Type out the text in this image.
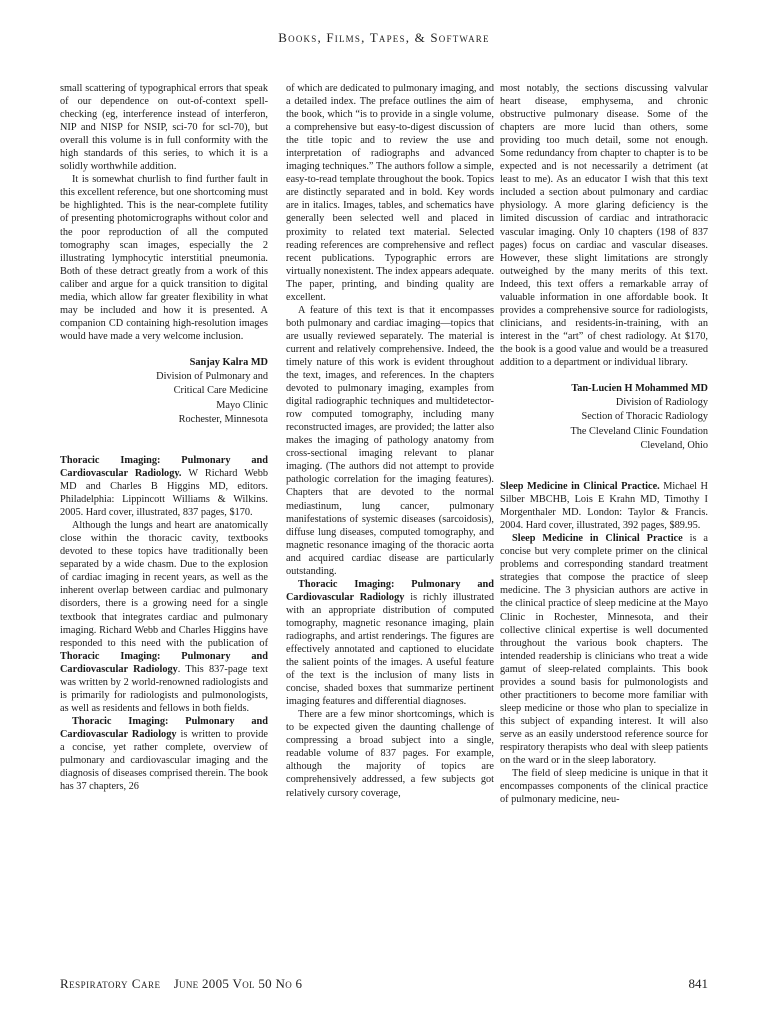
Books, Films, Tapes, & Software

small scattering of typographical errors that speak of our dependence on out-of-context spell-checking (eg, interference instead of interferon, NIP and NISP for NSIP, sci-70 for scl-70), but overall this volume is in full conformity with the high standards of this series, to which it is a solidly worthwhile addition.

It is somewhat churlish to find further fault in this excellent reference, but one shortcoming must be highlighted. This is the near-complete futility of presenting photomicrographs without color and the poor reproduction of all the computed tomography scan images, especially the 2 illustrating lymphocytic interstitial pneumonia. Both of these detract greatly from a work of this caliber and argue for a quick transition to digital media, which allow far greater flexibility in what may be included and how it is presented. A companion CD containing high-resolution images would have made a very welcome inclusion.

Sanjay Kalra MD
Division of Pulmonary and
Critical Care Medicine
Mayo Clinic
Rochester, Minnesota

Thoracic Imaging: Pulmonary and Cardiovascular Radiology. W Richard Webb MD and Charles B Higgins MD, editors. Philadelphia: Lippincott Williams & Wilkins. 2005. Hard cover, illustrated, 837 pages, $170.

Although the lungs and heart are anatomically close within the thoracic cavity, textbooks devoted to these topics have traditionally been separated by a wide chasm. Due to the explosion of cardiac imaging in recent years, as well as the inherent overlap between cardiac and pulmonary disorders, there is a growing need for a single textbook that integrates cardiac and pulmonary imaging. Richard Webb and Charles Higgins have responded to this need with the publication of Thoracic Imaging: Pulmonary and Cardiovascular Radiology. This 837-page text was written by 2 world-renowned radiologists and is primarily for radiologists and pulmonologists, as well as residents and fellows in both fields.

Thoracic Imaging: Pulmonary and Cardiovascular Radiology is written to provide a concise, yet rather complete, overview of pulmonary and cardiovascular imaging and the diagnosis of diseases comprised therein. The book has 37 chapters, 26

of which are dedicated to pulmonary imaging, and a detailed index. The preface outlines the aim of the book, which “is to provide in a single volume, a comprehensive but easy-to-digest discussion of the title topic and to review the use and interpretation of radiographs and advanced imaging techniques.” The authors follow a simple, easy-to-read template throughout the book. Topics are distinctly separated and in bold. Key words are in italics. Images, tables, and schematics have generally been selected well and placed in proximity to related text material. Selected reading references are comprehensive and reflect recent publications. Typographic errors are virtually nonexistent. The index appears adequate. The paper, printing, and binding quality are excellent.

A feature of this text is that it encompasses both pulmonary and cardiac imaging—topics that are usually reviewed separately. The material is current and relatively comprehensive. Indeed, the timely nature of this work is evident throughout the text, images, and references. In the chapters devoted to pulmonary imaging, examples from digital radiographic techniques and multidetector-row computed tomography, including many reconstructed images, are provided; the latter also makes the imaging of pathology anatomy from cross-sectional imaging relevant to planar imaging. (The authors did not attempt to provide pathologic correlation for the imaging features). Chapters that are devoted to the normal mediastinum, lung cancer, pulmonary manifestations of systemic diseases (sarcoidosis), diffuse lung diseases, computed tomography, and magnetic resonance imaging of the thoracic aorta and acquired cardiac disease are particularly outstanding.

Thoracic Imaging: Pulmonary and Cardiovascular Radiology is richly illustrated with an appropriate distribution of computed tomography, magnetic resonance imaging, plain radiographs, and artist renderings. The figures are effectively annotated and captioned to elucidate the salient points of the images. A useful feature of the text is the inclusion of many lists in concise, shaded boxes that summarize pertinent imaging features and differential diagnoses.

There are a few minor shortcomings, which is to be expected given the daunting challenge of compressing a broad subject into a single, readable volume of 837 pages. For example, although the majority of topics are comprehensively addressed, a few subjects got relatively cursory coverage,

most notably, the sections discussing valvular heart disease, emphysema, and chronic obstructive pulmonary disease. Some of the chapters are more lucid than others, some providing too much detail, some not enough. Some redundancy from chapter to chapter is to be expected and is not necessarily a detriment (at least to me). As an educator I wish that this text included a section about pulmonary and cardiac physiology. A more glaring deficiency is the limited discussion of cardiac and intrathoracic vascular imaging. Only 10 chapters (198 of 837 pages) focus on cardiac and vascular diseases. However, these slight limitations are strongly outweighed by the many merits of this text. Indeed, this text offers a remarkable array of valuable information in one affordable book. It provides a comprehensive source for radiologists, clinicians, and residents-in-training, with an interest in the “art” of chest radiology. At $170, the book is a good value and would be a treasured addition to a department or individual library.

Tan-Lucien H Mohammed MD
Division of Radiology
Section of Thoracic Radiology
The Cleveland Clinic Foundation
Cleveland, Ohio

Sleep Medicine in Clinical Practice. Michael H Silber MBCHB, Lois E Krahn MD, Timothy I Morgenthaler MD. London: Taylor & Francis. 2004. Hard cover, illustrated, 392 pages, $89.95.

Sleep Medicine in Clinical Practice is a concise but very complete primer on the clinical problems and corresponding standard treatment strategies that compose the practice of sleep medicine. The 3 physician authors are active in the clinical practice of sleep medicine at the Mayo Clinic in Rochester, Minnesota, and their collective clinical expertise is well documented throughout the various book chapters. The intended readership is clinicians who treat a wide gamut of sleep-related complaints. This book provides a sound basis for pulmonologists and other practitioners to become more familiar with sleep medicine or those who plan to specialize in this subject of expanding interest. It will also serve as an easily understood reference source for respiratory therapists who deal with sleep patients on the ward or in the sleep laboratory.

The field of sleep medicine is unique in that it encompasses components of the clinical practice of pulmonary medicine, neu-

Respiratory Care June 2005 Vol 50 No 6	841
